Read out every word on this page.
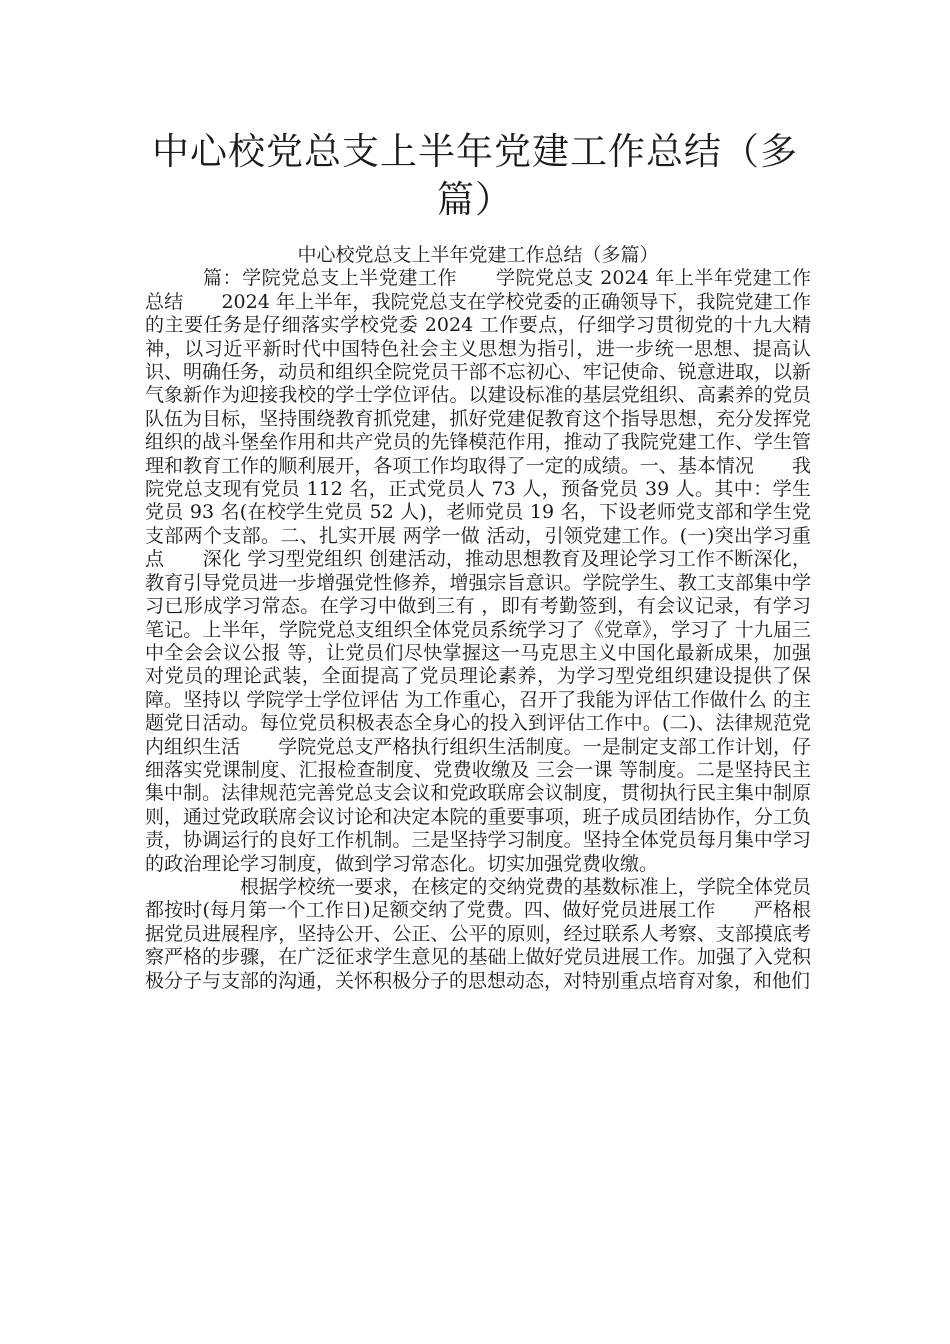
中心校党总支上半年党建工作总结（多篇）

中心校党总支上半年党建工作总结（多篇）

篇：学院党总支上半党建工作　　学院党总支 2024 年上半年党建工作总结　　2024 年上半年，我院党总支在学校党委的正确领导下，我院党建工作的主要任务是仔细落实学校党委 2024 工作要点，仔细学习贯彻党的十九大精神，以习近平新时代中国特色社会主义思想为指引，进一步统一思想、提高认识、明确任务，动员和组织全院党员干部不忘初心、牢记使命、锐意进取，以新气象新作为迎接我校的学士学位评估。以建设标准的基层党组织、高素养的党员队伍为目标，坚持围绕教育抓党建，抓好党建促教育这个指导思想，充分发挥党组织的战斗堡垒作用和共产党员的先锋模范作用，推动了我院党建工作、学生管理和教育工作的顺利展开，各项工作均取得了一定的成绩。一、基本情况　　我院党总支现有党员 112 名，正式党员人 73 人，预备党员 39 人。其中：学生党员 93 名(在校学生党员 52 人)，老师党员 19 名，下设老师党支部和学生党支部两个支部。二、扎实开展 两学一做 活动，引领党建工作。(一)突出学习重点　　深化 学习型党组织 创建活动，推动思想教育及理论学习工作不断深化，教育引导党员进一步增强党性修养，增强宗旨意识。学院学生、教工支部集中学习已形成学习常态。在学习中做到三有 ，即有考勤签到，有会议记录，有学习笔记。上半年，学院党总支组织全体党员系统学习了《党章》，学习了 十九届三中全会会议公报 等，让党员们尽快掌握这一马克思主义中国化最新成果，加强对党员的理论武装，全面提高了党员理论素养，为学习型党组织建设提供了保障。坚持以 学院学士学位评估 为工作重心，召开了我能为评估工作做什么 的主题党日活动。每位党员积极表态全身心的投入到评估工作中。(二)、法律规范党内组织生活　　学院党总支严格执行组织生活制度。一是制定支部工作计划，仔细落实党课制度、汇报检查制度、党费收缴及 三会一课 等制度。二是坚持民主集中制。法律规范完善党总支会议和党政联席会议制度，贯彻执行民主集中制原则，通过党政联席会议讨论和决定本院的重要事项，班子成员团结协作，分工负责，协调运行的良好工作机制。三是坚持学习制度。坚持全体党员每月集中学习的政治理论学习制度，做到学习常态化。切实加强党费收缴。

根据学校统一要求，在核定的交纳党费的基数标准上，学院全体党员都按时(每月第一个工作日)足额交纳了党费。四、做好党员进展工作　　严格根据党员进展程序，坚持公开、公正、公平的原则，经过联系人考察、支部摸底考察严格的步骤，在广泛征求学生意见的基础上做好党员进展工作。加强了入党积极分子与支部的沟通，关怀积极分子的思想动态，对特别重点培育对象，和他们
